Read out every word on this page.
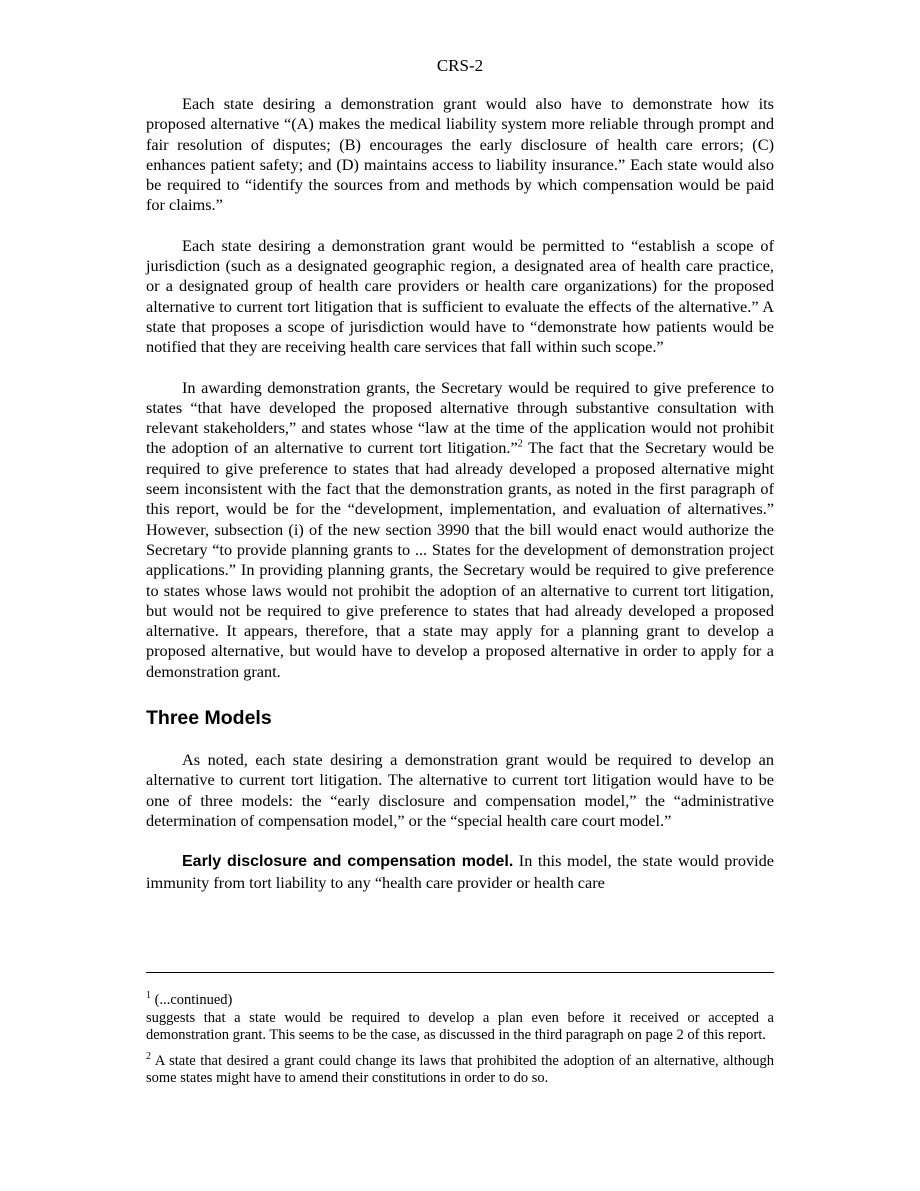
CRS-2

Each state desiring a demonstration grant would also have to demonstrate how its proposed alternative “(A) makes the medical liability system more reliable through prompt and fair resolution of disputes; (B) encourages the early disclosure of health care errors; (C) enhances patient safety; and (D) maintains access to liability insurance.” Each state would also be required to “identify the sources from and methods by which compensation would be paid for claims.”

Each state desiring a demonstration grant would be permitted to “establish a scope of jurisdiction (such as a designated geographic region, a designated area of health care practice, or a designated group of health care providers or health care organizations) for the proposed alternative to current tort litigation that is sufficient to evaluate the effects of the alternative.” A state that proposes a scope of jurisdiction would have to “demonstrate how patients would be notified that they are receiving health care services that fall within such scope.”

In awarding demonstration grants, the Secretary would be required to give preference to states “that have developed the proposed alternative through substantive consultation with relevant stakeholders,” and states whose “law at the time of the application would not prohibit the adoption of an alternative to current tort litigation.”$^2$ The fact that the Secretary would be required to give preference to states that had already developed a proposed alternative might seem inconsistent with the fact that the demonstration grants, as noted in the first paragraph of this report, would be for the “development, implementation, and evaluation of alternatives.” However, subsection (i) of the new section 3990 that the bill would enact would authorize the Secretary “to provide planning grants to ... States for the development of demonstration project applications.” In providing planning grants, the Secretary would be required to give preference to states whose laws would not prohibit the adoption of an alternative to current tort litigation, but would not be required to give preference to states that had already developed a proposed alternative. It appears, therefore, that a state may apply for a planning grant to develop a proposed alternative, but would have to develop a proposed alternative in order to apply for a demonstration grant.

Three Models

As noted, each state desiring a demonstration grant would be required to develop an alternative to current tort litigation. The alternative to current tort litigation would have to be one of three models: the “early disclosure and compensation model,” the “administrative determination of compensation model,” or the “special health care court model.”

Early disclosure and compensation model. In this model, the state would provide immunity from tort liability to any “health care provider or health care

$^1$ (...continued)
suggests that a state would be required to develop a plan even before it received or accepted a demonstration grant. This seems to be the case, as discussed in the third paragraph on page 2 of this report.
$^2$ A state that desired a grant could change its laws that prohibited the adoption of an alternative, although some states might have to amend their constitutions in order to do so.
